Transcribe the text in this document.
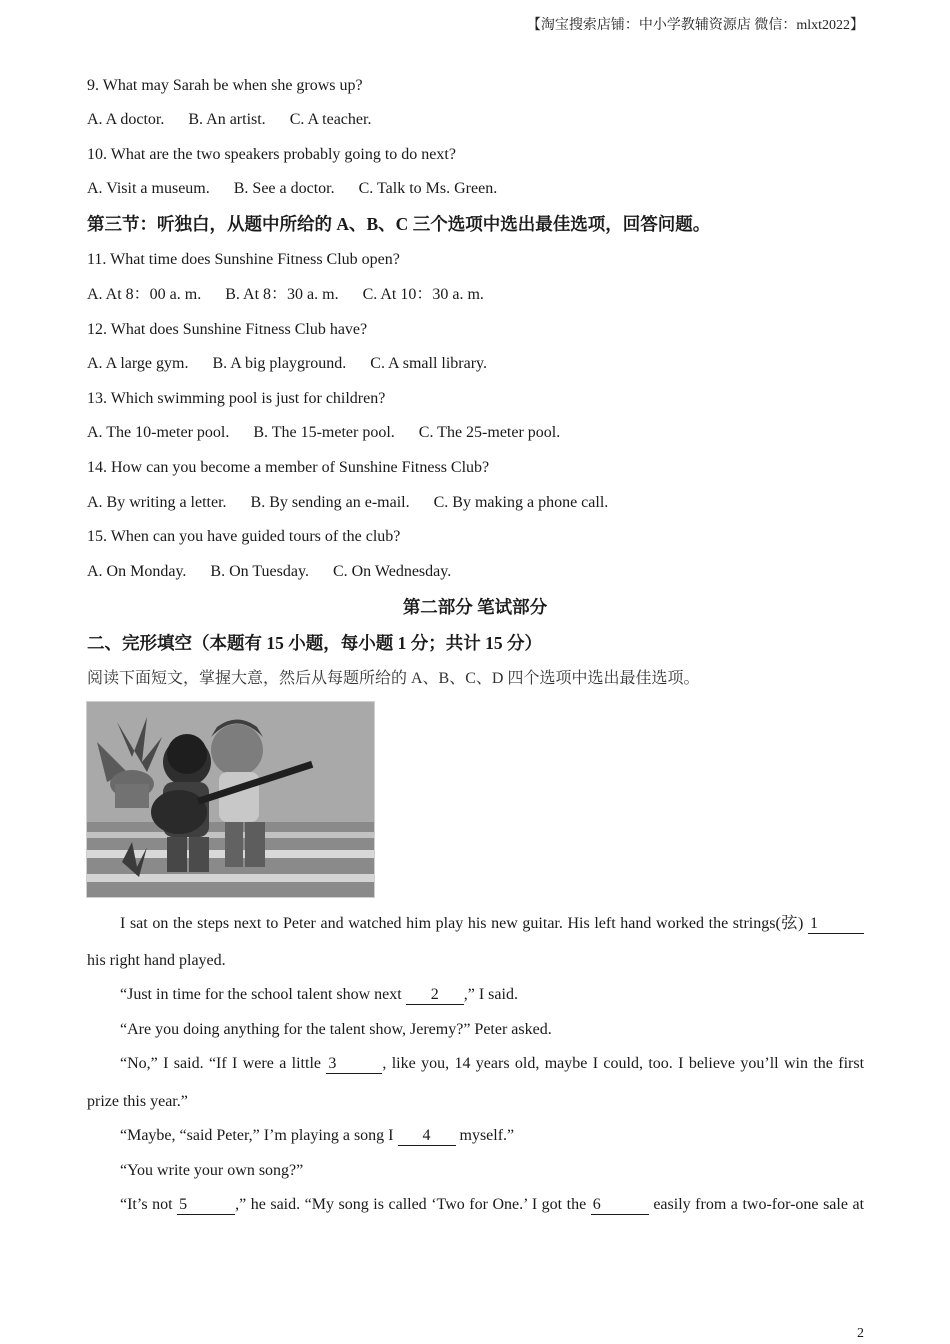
【淘宝搜索店铺：中小学教辅资源店 微信：mlxt2022】
9. What may Sarah be when she grows up?
A. A doctor. B. An artist. C. A teacher.
10. What are the two speakers probably going to do next?
A. Visit a museum. B. See a doctor. C. Talk to Ms. Green.
第三节：听独白，从题中所给的 A、B、C 三个选项中选出最佳选项，回答问题。
11. What time does Sunshine Fitness Club open?
A. At 8：00 a. m. B. At 8：30 a. m. C. At 10：30 a. m.
12. What does Sunshine Fitness Club have?
A. A large gym. B. A big playground. C. A small library.
13. Which swimming pool is just for children?
A. The 10-meter pool. B. The 15-meter pool. C. The 25-meter pool.
14. How can you become a member of Sunshine Fitness Club?
A. By writing a letter. B. By sending an e-mail. C. By making a phone call.
15. When can you have guided tours of the club?
A. On Monday. B. On Tuesday. C. On Wednesday.
第二部分 笔试部分
二、完形填空（本题有 15 小题，每小题 1 分；共计 15 分）
阅读下面短文，掌握大意，然后从每题所给的 A、B、C、D 四个选项中选出最佳选项。
I sat on the steps next to Peter and watched him play his new guitar. His left hand worked the strings(弦) 1
his right hand played.
“Just in time for the school talent show next 2 ,” I said.
“Are you doing anything for the talent show, Jeremy?” Peter asked.
“No,” I said. “If I were a little 3	, like you, 14 years old, maybe I could, too. I believe you’ll win the first
prize this year.”
“Maybe, “said Peter,” I’m playing a song I 4 myself.”
“You write your own song?”
“It’s not 5	,” he said. “My song is called ‘Two for One.’ I got the 6	easily from a two-for-one sale at
2
